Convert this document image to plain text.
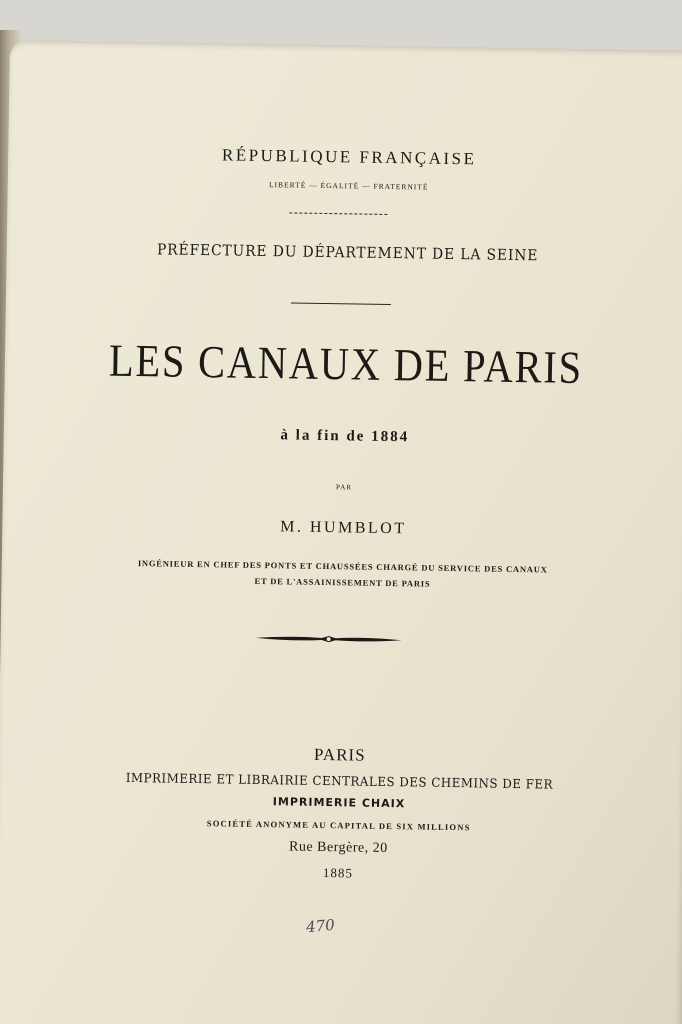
RÉPUBLIQUE FRANÇAISE
LIBERTÉ — ÉGALITÉ — FRATERNITÉ
PRÉFECTURE DU DÉPARTEMENT DE LA SEINE
LES CANAUX DE PARIS
à la fin de 1884
PAR
M. HUMBLOT
INGÉNIEUR EN CHEF DES PONTS ET CHAUSSÉES CHARGÉ DU SERVICE DES CANAUX
ET DE L'ASSAINISSEMENT DE PARIS
PARIS
IMPRIMERIE ET LIBRAIRIE CENTRALES DES CHEMINS DE FER
IMPRIMERIE CHAIX
SOCIÉTÉ ANONYME AU CAPITAL DE SIX MILLIONS
Rue Bergère, 20
1885
470
